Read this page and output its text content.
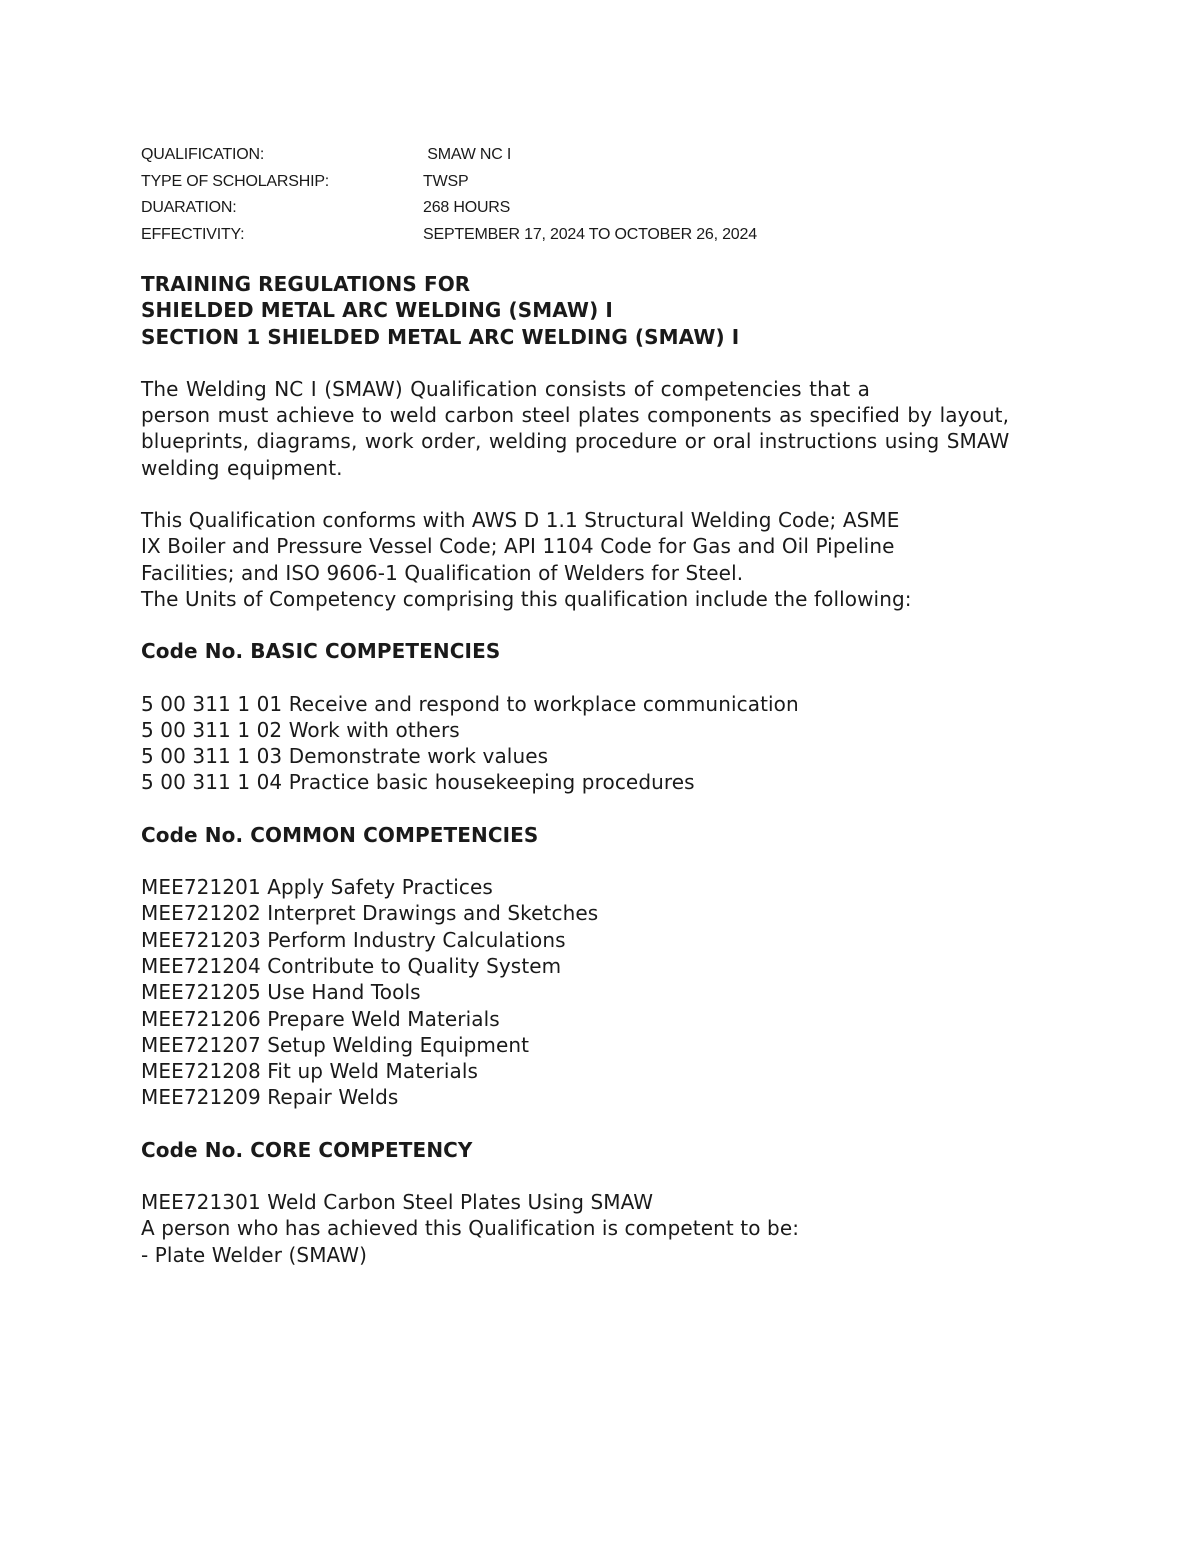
QUALIFICATION:	SMAW NC I
TYPE OF SCHOLARSHIP:	TWSP
DUARATION:	268 HOURS
EFFECTIVITY:	SEPTEMBER 17, 2024 TO OCTOBER 26, 2024
TRAINING REGULATIONS FOR
SHIELDED METAL ARC WELDING (SMAW) I
SECTION 1 SHIELDED METAL ARC WELDING (SMAW) I
The Welding NC I (SMAW) Qualification consists of competencies that a
person must achieve to weld carbon steel plates components as specified by layout,
blueprints, diagrams, work order, welding procedure or oral instructions using SMAW

welding equipment.
This Qualification conforms with AWS D 1.1 Structural Welding Code; ASME
IX Boiler and Pressure Vessel Code; API 1104 Code for Gas and Oil Pipeline
Facilities; and ISO 9606-1 Qualification of Welders for Steel.
The Units of Competency comprising this qualification include the following:
Code No. BASIC COMPETENCIES
5 00 311 1 01 Receive and respond to workplace communication
5 00 311 1 02 Work with others
5 00 311 1 03 Demonstrate work values
5 00 311 1 04 Practice basic housekeeping procedures
Code No. COMMON COMPETENCIES
MEE721201 Apply Safety Practices
MEE721202 Interpret Drawings and Sketches
MEE721203 Perform Industry Calculations
MEE721204 Contribute to Quality System
MEE721205 Use Hand Tools
MEE721206 Prepare Weld Materials
MEE721207 Setup Welding Equipment
MEE721208 Fit up Weld Materials
MEE721209 Repair Welds
Code No. CORE COMPETENCY
MEE721301 Weld Carbon Steel Plates Using SMAW
A person who has achieved this Qualification is competent to be:
- Plate Welder (SMAW)
